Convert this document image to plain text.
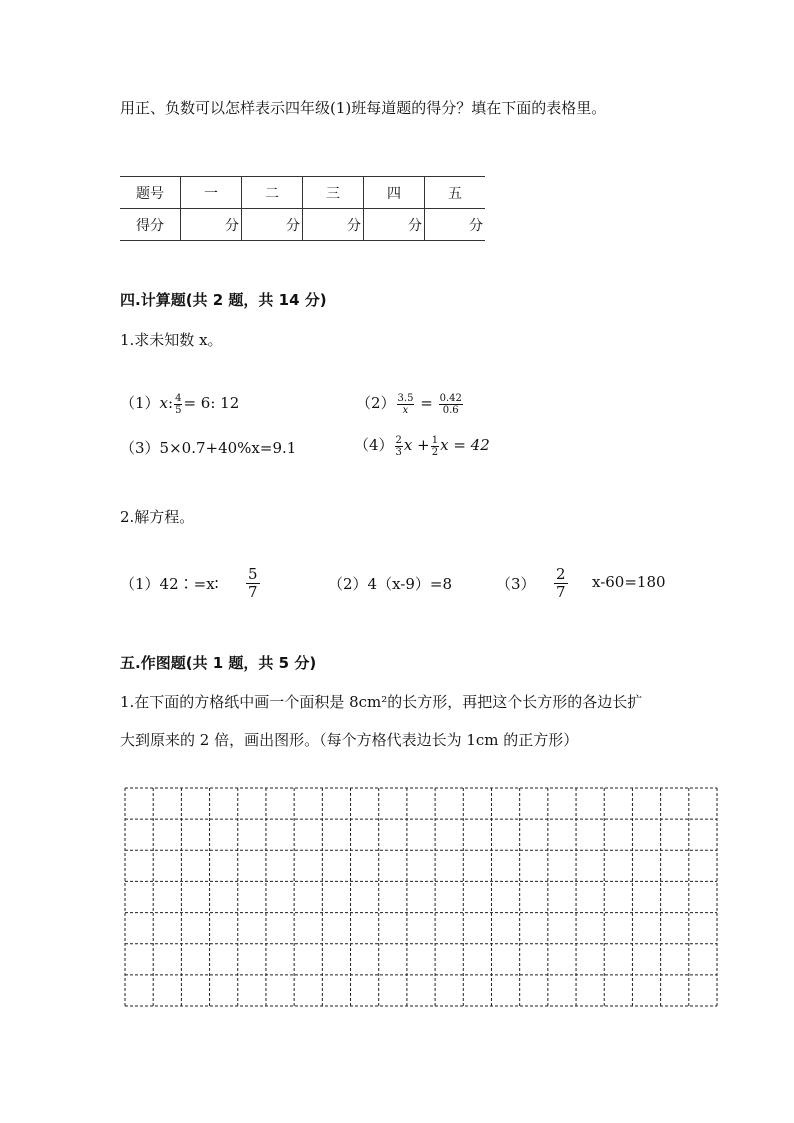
用正、负数可以怎样表示四年级(1)班每道题的得分？填在下面的表格里。
题号	一	二	三	四	五
得分	分	分	分	分	分
四.计算题(共 2 题，共 14 分)
1.求未知数 x。
（1）x: $\frac{4}{5} = 6$: 12	$(2) \frac{3.5}{x} = \frac{0.42}{0.6}$
（3）5×0.7+40%x=9.1	$(4) \frac{2}{3}$ $x + \frac{1}{2}$ x = 42
2.解方程。
（1）42∶=x∶ $\frac{5}{7}$	（2）4（x-9）=8	$(3) \frac{2}{7} x-60=180$
五.作图题(共 1 题，共 5 分)
1.在下面的方格纸中画一个面积是 8cm²的长方形，再把这个长方形的各边长扩
大到原来的 2 倍，画出图形。（每个方格代表边长为 1cm 的正方形）
